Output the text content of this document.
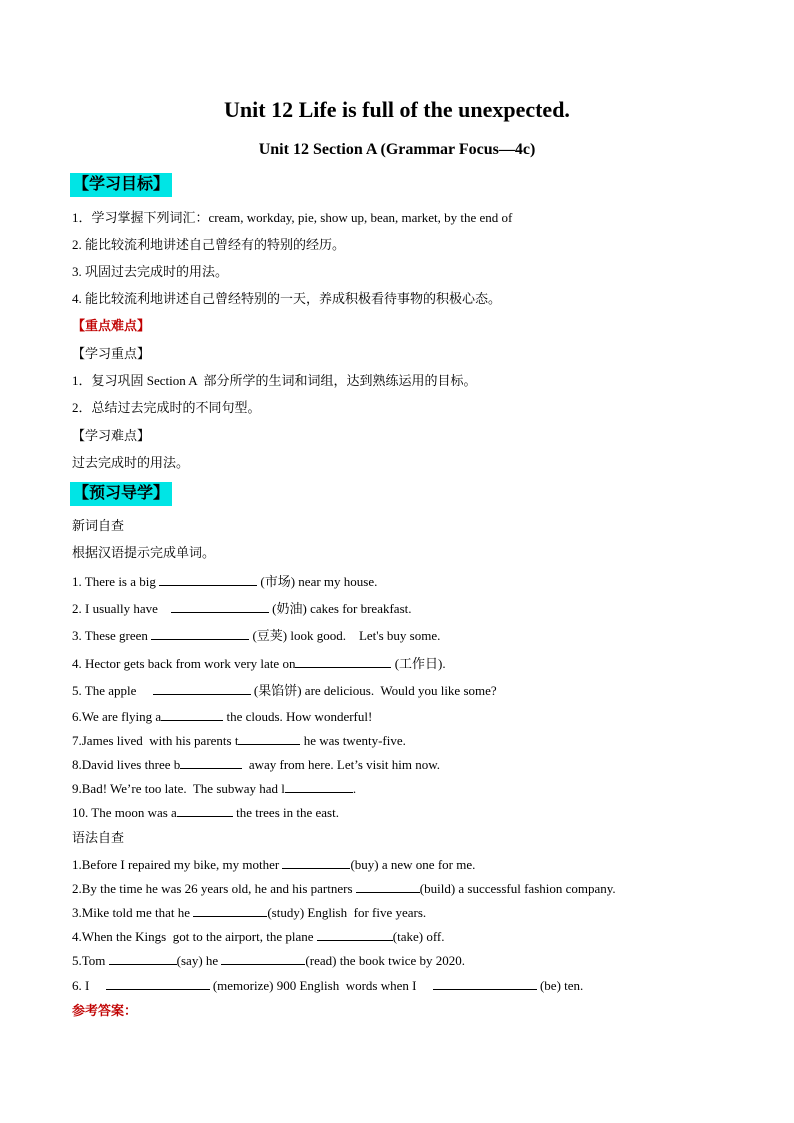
Unit 12 Life is full of the unexpected.
Unit 12 Section A (Grammar Focus—4c)
【学习目标】
1．学习掌握下列词汇：cream, workday, pie, show up, bean, market, by the end of
2. 能比较流利地讲述自己曾经有的特别的经历。
3. 巩固过去完成时的用法。
4. 能比较流利地讲述自己曾经特别的一天，养成积极看待事物的积极心态。
【重点难点】
【学习重点】
1．复习巩固 Section A  部分所学的生词和词组，达到熟练运用的目标。
2．总结过去完成时的不同句型。
【学习难点】
过去完成时的用法。
【预习导学】
新词自查
根据汉语提示完成单词。
1. There is a big	(市场) near my house.
2. I usually have	(奶油) cakes for breakfast.
3. These green	(豆荚) look good.    Let's buy some.
4. Hector gets back from work very late on	(工作日).
5. The apple	(果馅饼) are delicious.  Would you like some?
6.We are flying a	the clouds. How wonderful!
7.James lived  with his parents t	he was twenty-five.
8.David lives three b	away from here. Let’s visit him now.
9.Bad! We’re too late.  The subway had l	.
10. The moon was a	the trees in the east.
语法自查
1.Before I repaired my bike, my mother	(buy) a new one for me.
2.By the time he was 26 years old, he and his partners	(build) a successful fashion company.
3.Mike told me that he	(study) English  for five years.
4.When the Kings  got to the airport, the plane	(take) off.
5.Tom	(say) he	(read) the book twice by 2020.
6. I	(memorize) 900 English  words when I	(be) ten.
参考答案：
